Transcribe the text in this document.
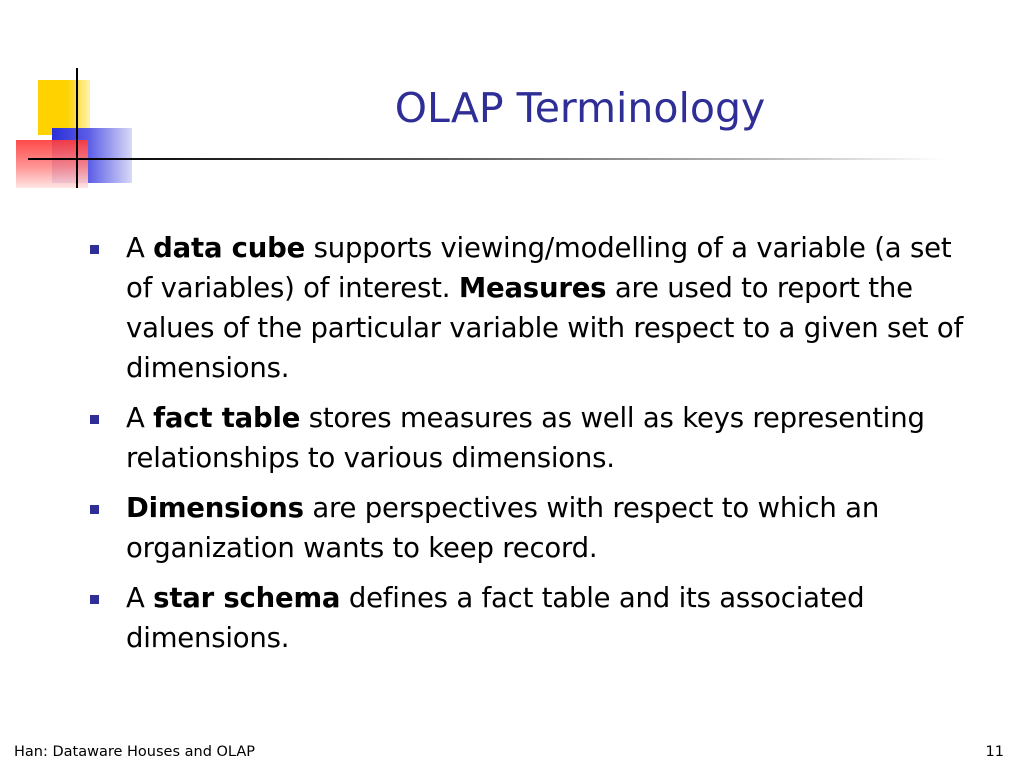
OLAP Terminology
A data cube supports viewing/modelling of a variable (a set of variables) of interest. Measures are used to report the values of the particular variable with respect to a given set of dimensions.
A fact table stores measures as well as keys representing relationships to various dimensions.
Dimensions are perspectives with respect to which an organization wants to keep record.
A star schema defines a fact table and its associated dimensions.
Han: Dataware Houses and OLAP	11
